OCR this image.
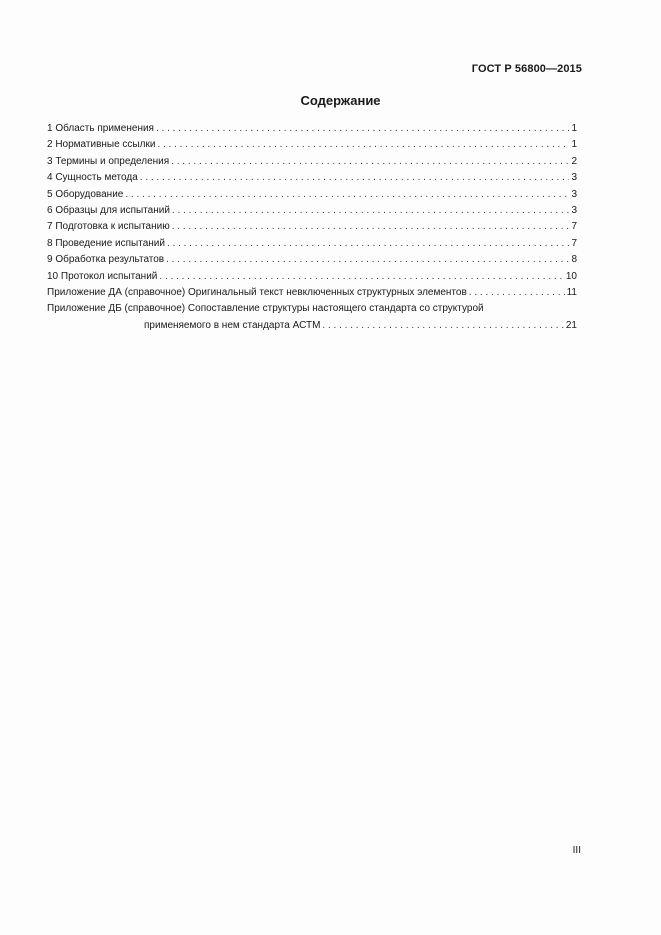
ГОСТ Р 56800—2015
Содержание
1 Область применения . . .	1
2 Нормативные ссылки . . .	1
3 Термины и определения . . .	2
4 Сущность метода . . .	3
5 Оборудование . . .	3
6 Образцы для испытаний . . .	3
7 Подготовка к испытанию . . .	7
8 Проведение испытаний . . .	7
9 Обработка результатов . . .	8
10 Протокол испытаний . . .	10
Приложение ДА (справочное) Оригинальный текст невключенных структурных элементов . . .	11
Приложение ДБ (справочное) Сопоставление структуры настоящего стандарта со структурой
применяемого в нем стандарта АСТМ . . .	21
III
